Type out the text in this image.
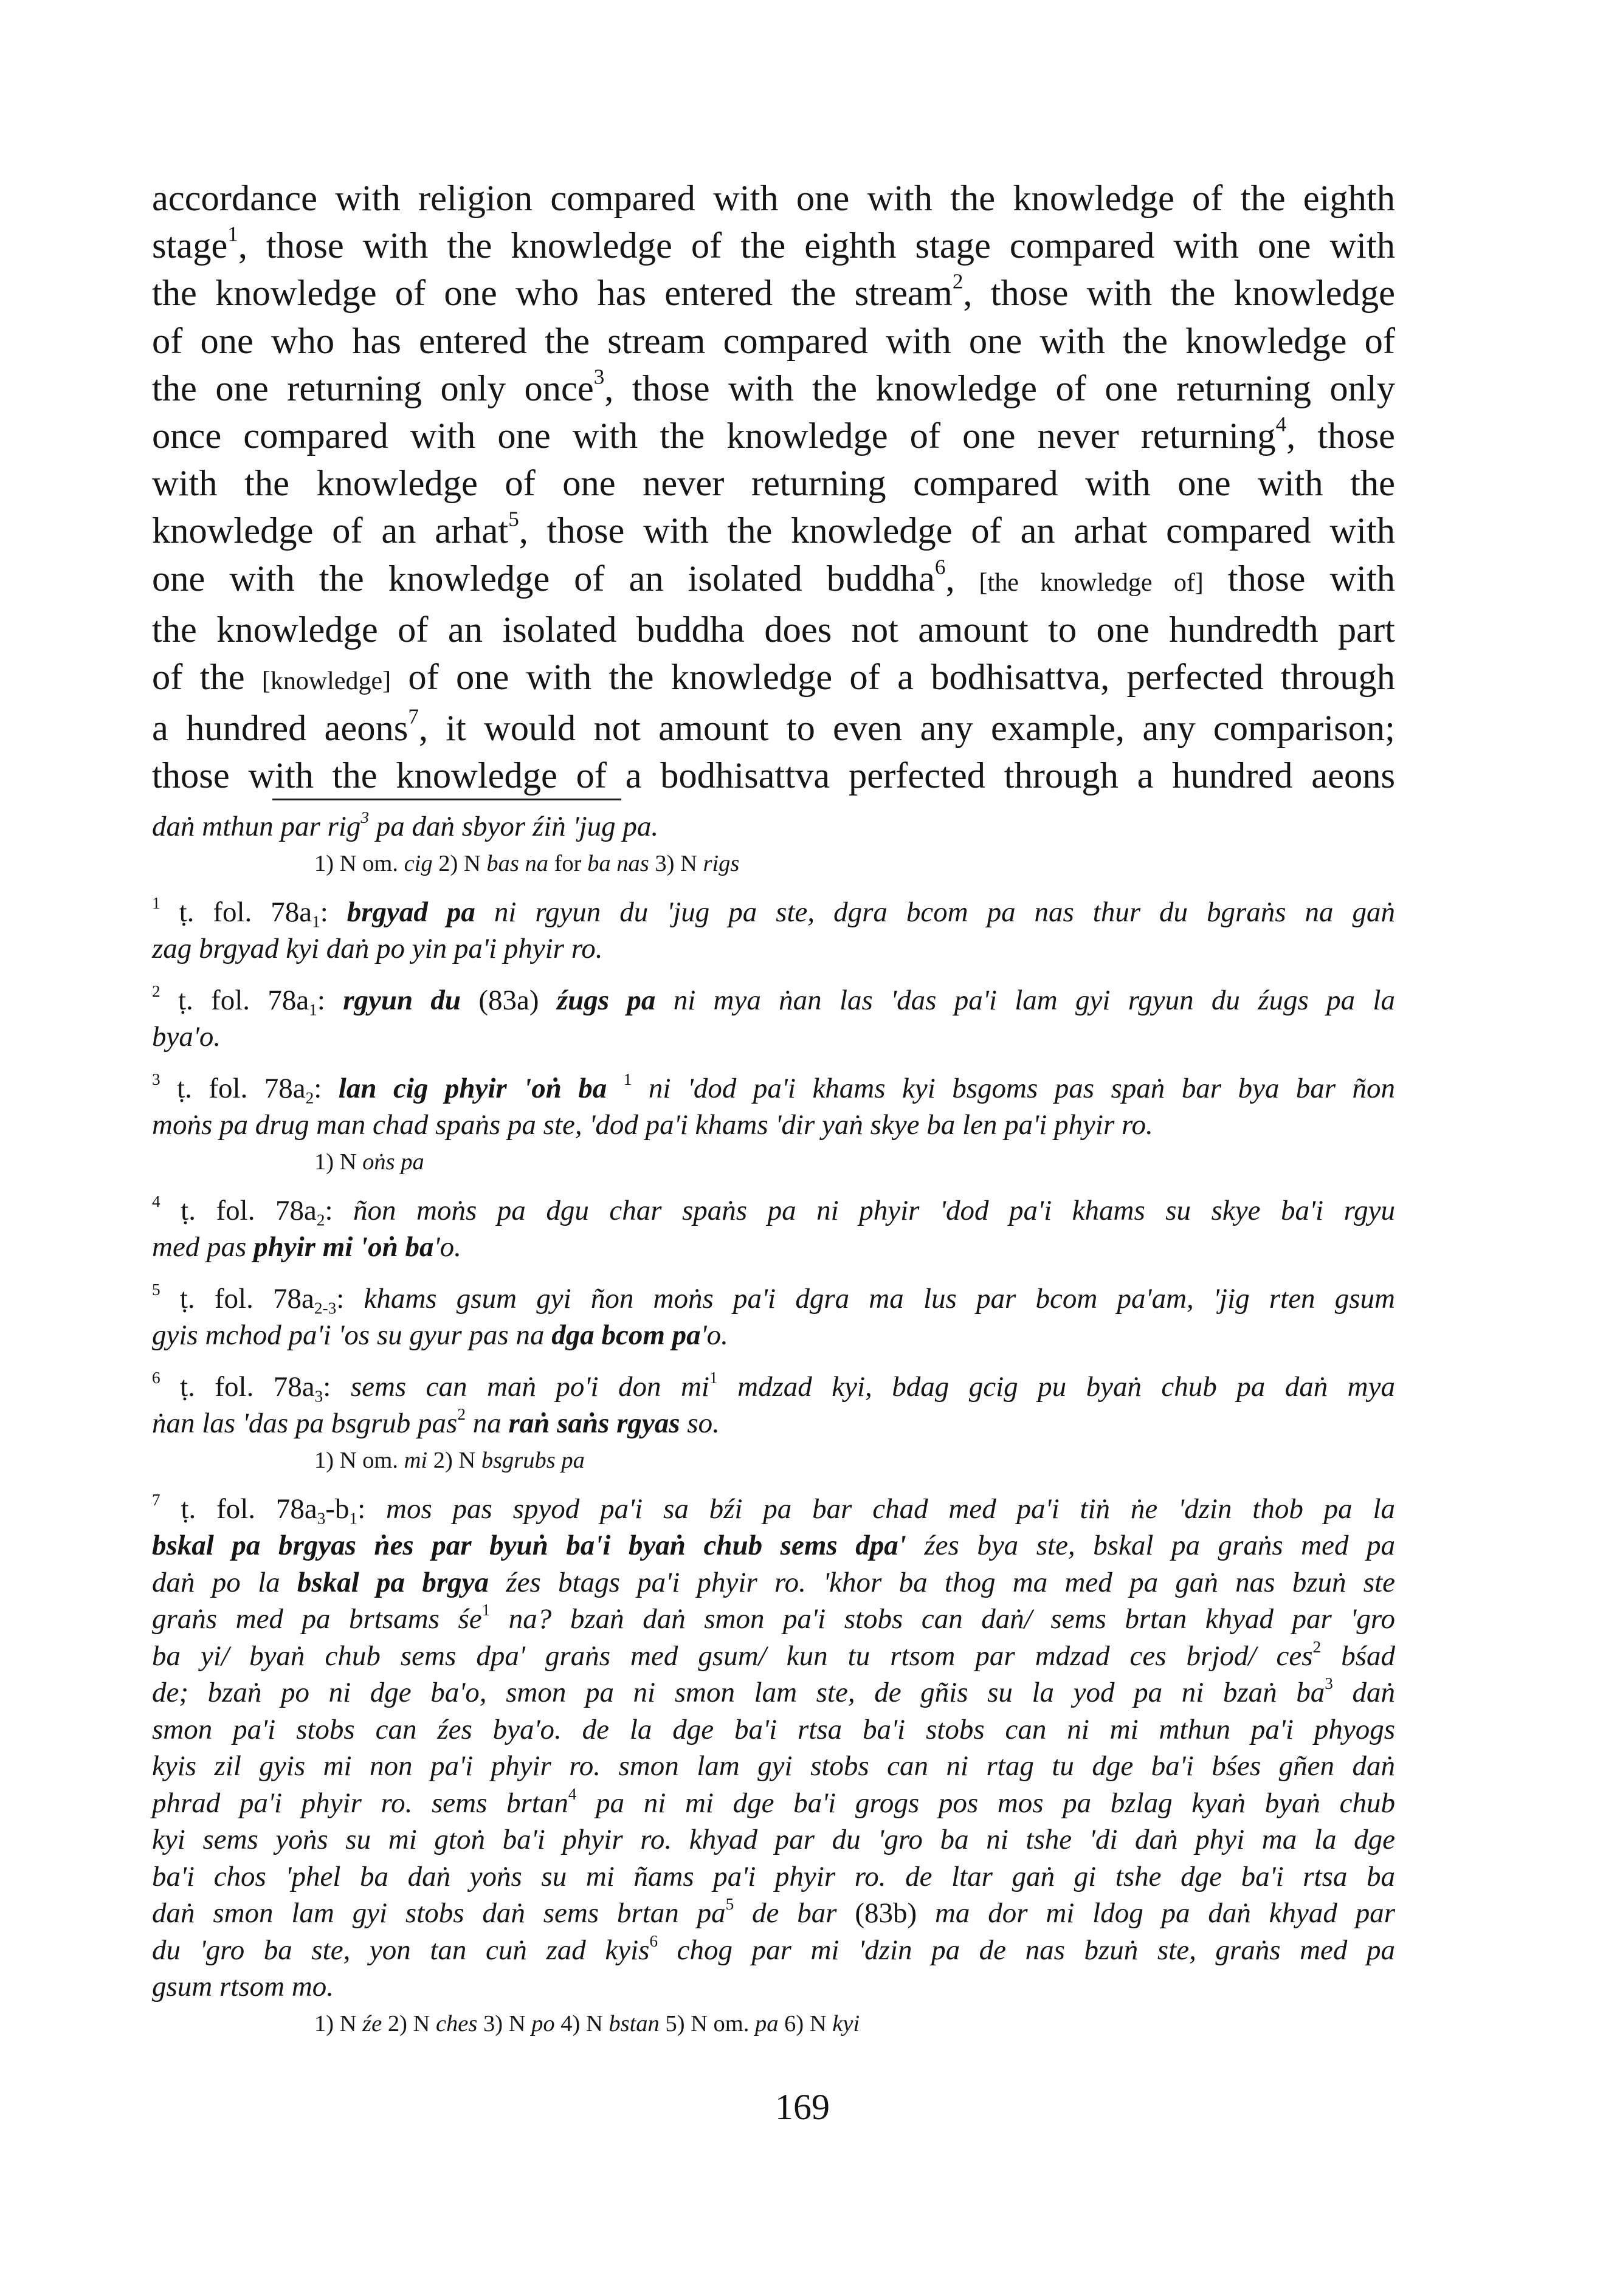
accordance with religion compared with one with the knowledge of the eighth
stage$^1$, those with the knowledge of the eighth stage compared with one with
the knowledge of one who has entered the stream$^2$, those with the knowledge
of one who has entered the stream compared with one with the knowledge of
the one returning only once$^3$, those with the knowledge of one returning only
once compared with one with the knowledge of one never returning$^4$, those
with the knowledge of one never returning compared with one with the
knowledge of an arhat$^5$, those with the knowledge of an arhat compared with
one with the knowledge of an isolated buddha$^6$, [the knowledge of] those with
the knowledge of an isolated buddha does not amount to one hundredth part
of the [knowledge] of one with the knowledge of a bodhisattva, perfected through
a hundred aeons$^7$, it would not amount to even any example, any comparison;
those with the knowledge of a bodhisattva perfected through a hundred aeons

daṅ mthun par rig$^3$ pa daṅ sbyor źiṅ 'jug pa.

1) N om. cig 2) N bas na for ba nas 3) N rigs

$^1$ ṭ. fol. $78a_1$: brgyad pa ni rgyun du 'jug pa ste, dgra bcom pa nas thur du bgraṅs na gaṅ
zag brgyad kyi daṅ po yin pa'i phyir ro.

$^2$ ṭ. fol. $78a_1$: rgyun du (83a) źugs pa ni mya ṅan las 'das pa'i lam gyi rgyun du źugs pa la
bya'o.

$^3$ ṭ. fol. $78a_2$: lan cig phyir 'oṅ ba $^1$ ni 'dod pa'i khams kyi bsgoms pas spaṅ bar bya bar ñon
moṅs pa drug man chad spaṅs pa ste, 'dod pa'i khams 'dir yaṅ skye ba len pa'i phyir ro.

1) N oṅs pa

$^4$ ṭ. fol. $78a_2$: ñon moṅs pa dgu char spaṅs pa ni phyir 'dod pa'i khams su skye ba'i rgyu
med pas phyir mi 'oṅ ba'o.

$^5$ ṭ. fol. $78a_{2-3}$: khams gsum gyi ñon moṅs pa'i dgra ma lus par bcom pa'am, 'jig rten gsum
gyis mchod pa'i 'os su gyur pas na dga bcom pa'o.

$^6$ ṭ. fol. $78a_3$: sems can maṅ po'i don $mi^1$ mdzad kyi, bdag gcig pu byaṅ chub pa daṅ mya
ṅan las 'das pa bsgrub pas$^2$ na raṅ saṅs rgyas so.

1) N om. mi 2) N bsgrubs pa

$^7$ ṭ. fol. $78a_3-b_1$: mos pas spyod pa'i sa bźi pa bar chad med pa'i tiṅ ṅe 'dzin thob pa la
bskal pa brgyas ṅes par byuṅ ba'i byaṅ chub sems dpa' źes bya ste, bskal pa graṅs med pa
daṅ po la bskal pa brgya źes btags pa'i phyir ro. 'khor ba thog ma med pa gaṅ nas bzuṅ ste
graṅs med pa brtsams $śe^1$ na? bzaṅ daṅ smon pa'i stobs can daṅ/ sems brtan khyad par 'gro
ba yi/ byaṅ chub sems dpa' graṅs med gsum/ kun tu rtsom par mdzad ces brjod/ ces$^2$ bśad
de; bzaṅ po ni dge ba'o, smon pa ni smon lam ste, de gñis su la yod pa ni bzaṅ $ba^3$ daṅ
smon pa'i stobs can źes bya'o. de la dge ba'i rtsa ba'i stobs can ni mi mthun pa'i phyogs
kyis zil gyis mi non pa'i phyir ro. smon lam gyi stobs can ni rtag tu dge ba'i bśes gñen daṅ
phrad pa'i phyir ro. sems brtan$^4$ pa ni mi dge ba'i grogs pos mos pa bzlag kyaṅ byaṅ chub
kyi sems yoṅs su mi gtoṅ ba'i phyir ro. khyad par du 'gro ba ni tshe 'di daṅ phyi ma la dge
ba'i chos 'phel ba daṅ yoṅs su mi ñams pa'i phyir ro. de ltar gaṅ gi tshe dge ba'i rtsa ba
daṅ smon lam gyi stobs daṅ sems brtan $pa^5$ de bar (83b) ma dor mi ldog pa daṅ khyad par
du 'gro ba ste, yon tan cuṅ zad kyis$^6$ chog par mi 'dzin pa de nas bzuṅ ste, graṅs med pa
gsum rtsom mo.

1) N źe 2) N ches 3) N po 4) N bstan 5) N om. pa 6) N kyi

169
